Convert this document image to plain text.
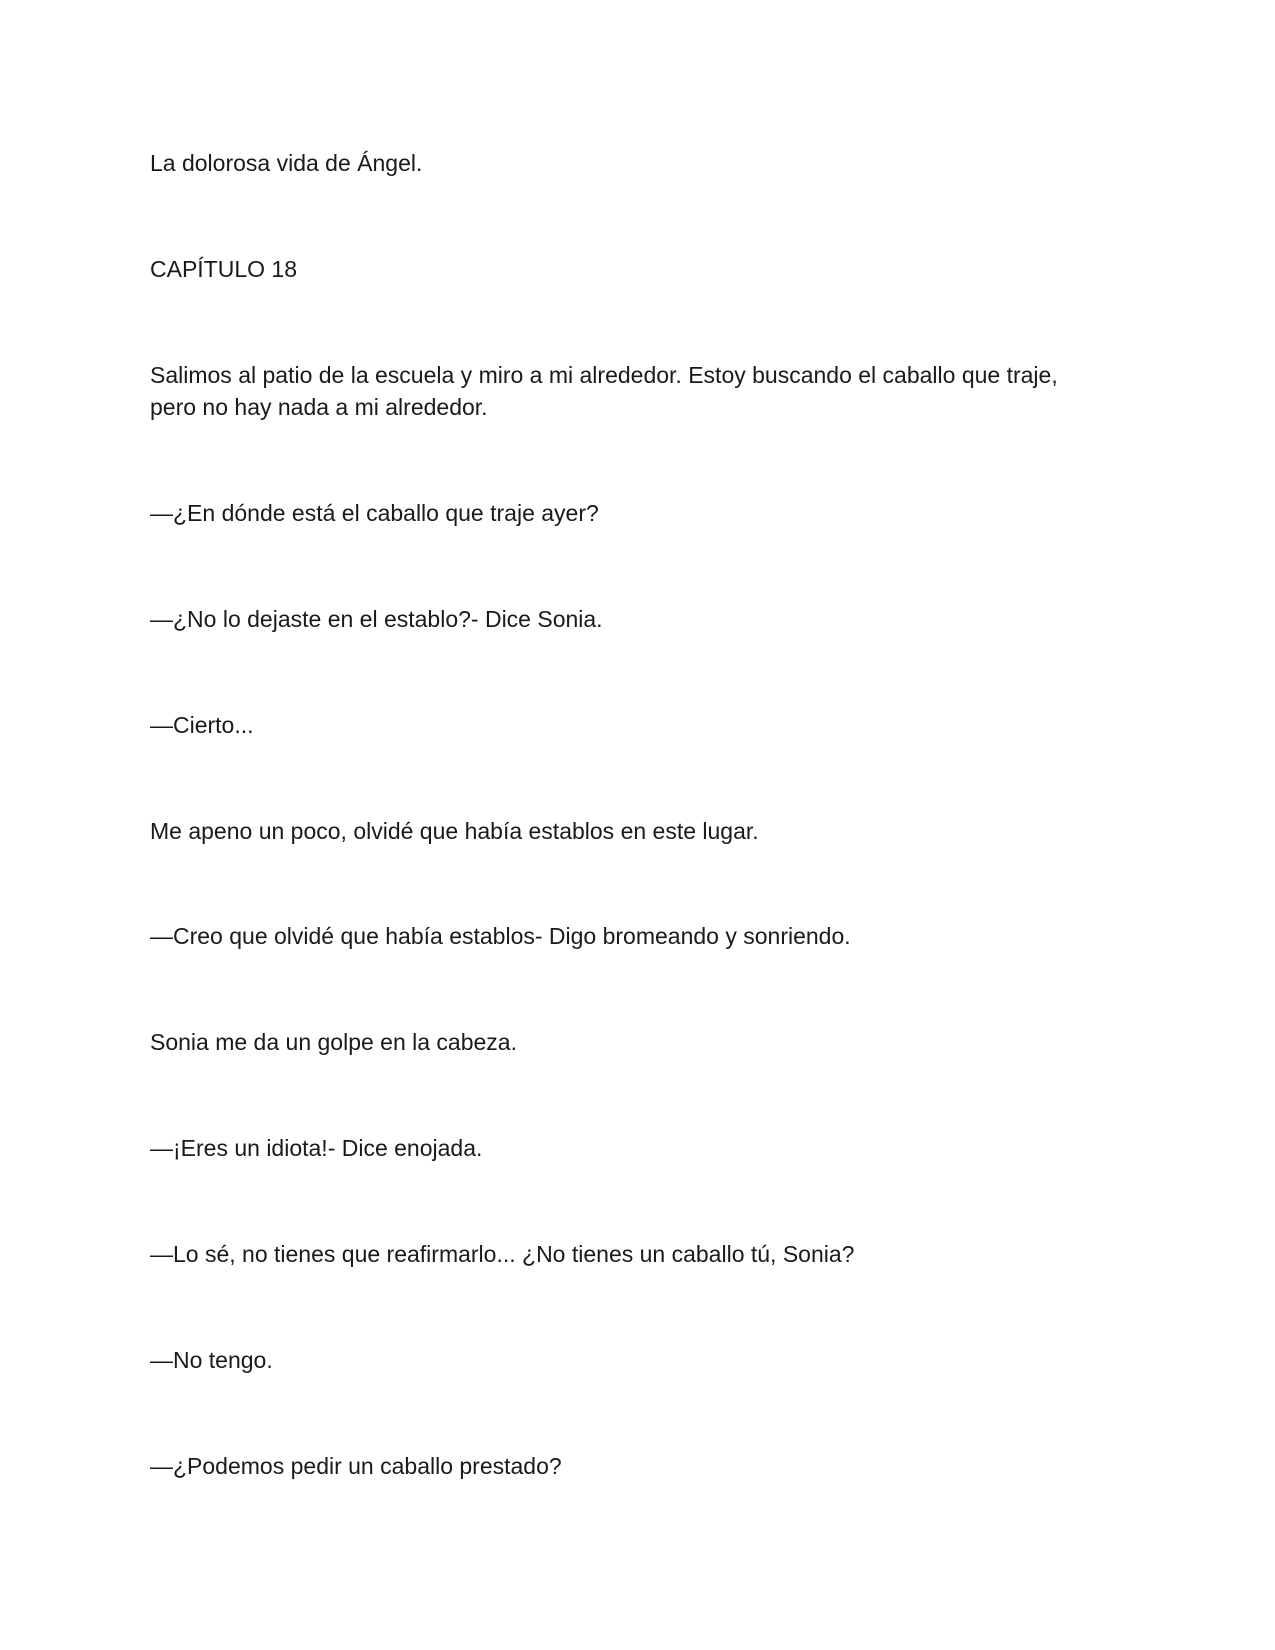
La dolorosa vida de Ángel.

CAPÍTULO 18

Salimos al patio de la escuela y miro a mi alrededor. Estoy buscando el caballo que traje, pero no hay nada a mi alrededor.

—¿En dónde está el caballo que traje ayer?

—¿No lo dejaste en el establo?- Dice Sonia.

—Cierto...

Me apeno un poco, olvidé que había establos en este lugar.

—Creo que olvidé que había establos- Digo bromeando y sonriendo.

Sonia me da un golpe en la cabeza.

—¡Eres un idiota!- Dice enojada.

—Lo sé, no tienes que reafirmarlo... ¿No tienes un caballo tú, Sonia?

—No tengo.

—¿Podemos pedir un caballo prestado?
